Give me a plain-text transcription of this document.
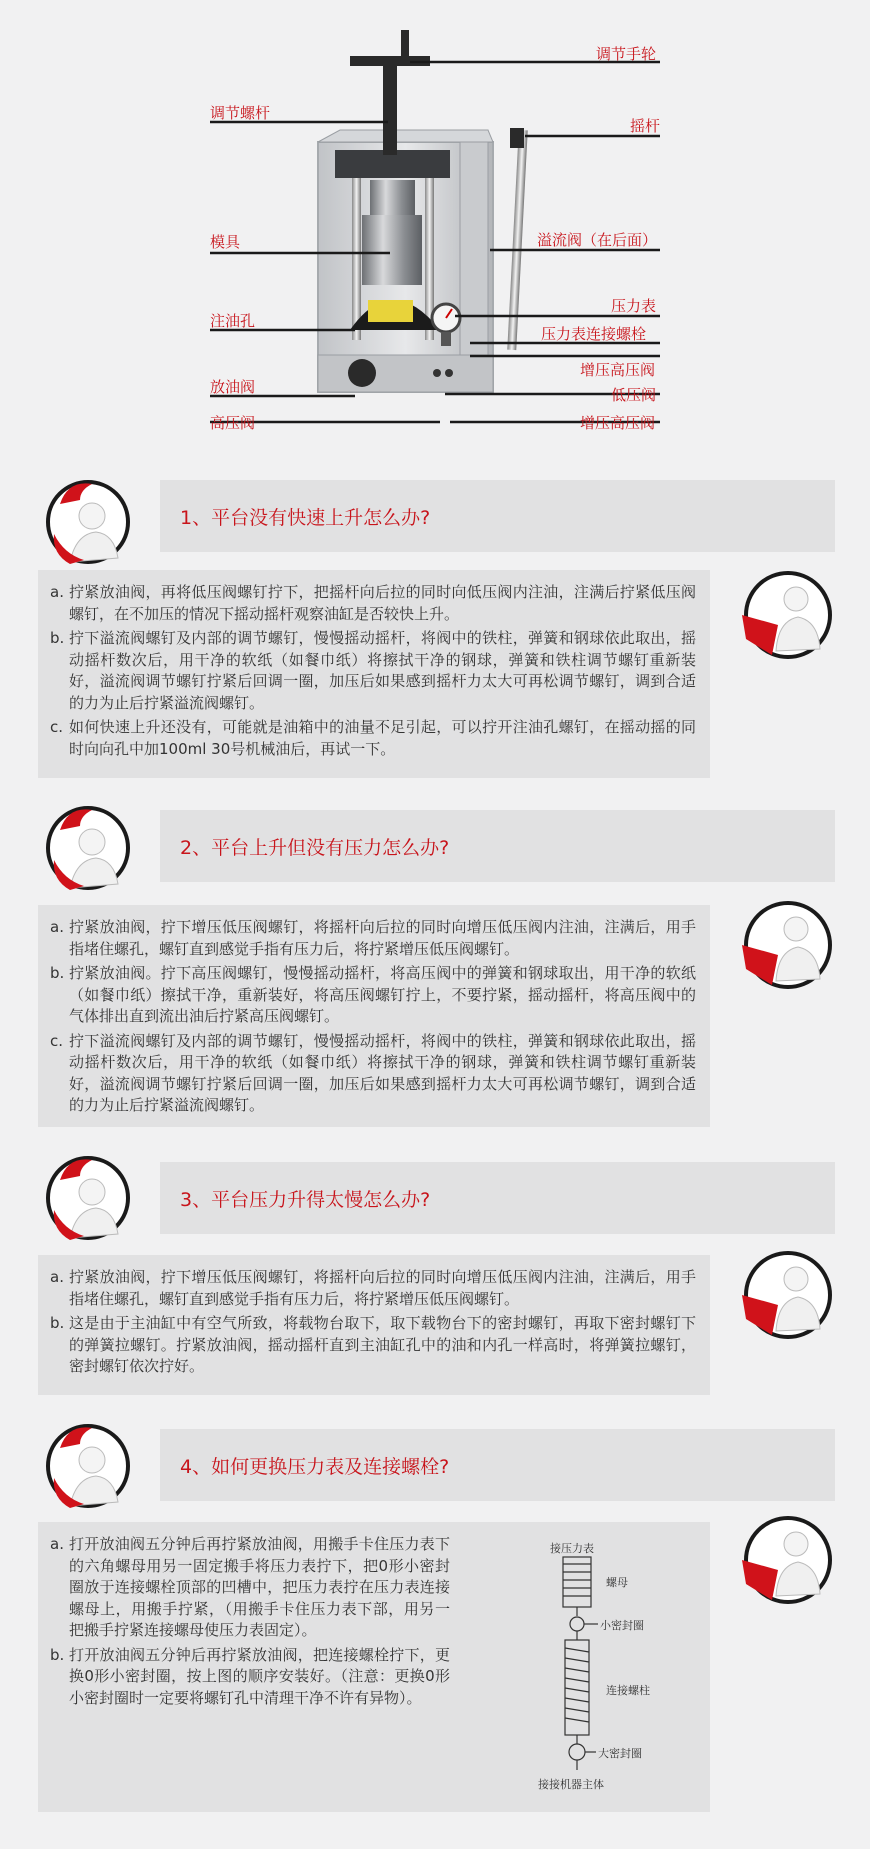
调节手轮
调节螺杆
摇杆
模具	溢流阀（在后面）
注油孔
压力表
压力表连接螺栓
增压高压阀
放油阀	低压阀
高压阀	增压高压阀
1、平台没有快速上升怎么办?
a. 拧紧放油阀，再将低压阀螺钉拧下，把摇杆向后拉的同时向低压阀内注油，注满后拧紧低压阀螺钉，在不加压的情况下摇动摇杆观察油缸是否较快上升。
b. 拧下溢流阀螺钉及内部的调节螺钉，慢慢摇动摇杆，将阀中的铁柱，弹簧和钢球依此取出，摇动摇杆数次后，用干净的软纸（如餐巾纸）将擦拭干净的钢球，弹簧和铁柱调节螺钉重新装好，溢流阀调节螺钉拧紧后回调一圈，加压后如果感到摇杆力太大可再松调节螺钉，调到合适的力为止后拧紧溢流阀螺钉。
c. 如何快速上升还没有，可能就是油箱中的油量不足引起，可以拧开注油孔螺钉，在摇动摇的同时向向孔中加100ml 30号机械油后，再试一下。
2、平台上升但没有压力怎么办?
a. 拧紧放油阀，拧下增压低压阀螺钉，将摇杆向后拉的同时向增压低压阀内注油，注满后，用手指堵住螺孔，螺钉直到感觉手指有压力后，将拧紧增压低压阀螺钉。
b. 拧紧放油阀。拧下高压阀螺钉，慢慢摇动摇杆，将高压阀中的弹簧和钢球取出，用干净的软纸（如餐巾纸）擦拭干净，重新装好，将高压阀螺钉拧上，不要拧紧，摇动摇杆，将高压阀中的气体排出直到流出油后拧紧高压阀螺钉。
c. 拧下溢流阀螺钉及内部的调节螺钉，慢慢摇动摇杆，将阀中的铁柱，弹簧和钢球依此取出，摇动摇杆数次后，用干净的软纸（如餐巾纸）将擦拭干净的钢球，弹簧和铁柱调节螺钉重新装好，溢流阀调节螺钉拧紧后回调一圈，加压后如果感到摇杆力太大可再松调节螺钉，调到合适的力为止后拧紧溢流阀螺钉。
3、平台压力升得太慢怎么办?
a. 拧紧放油阀，拧下增压低压阀螺钉，将摇杆向后拉的同时向增压低压阀内注油，注满后，用手指堵住螺孔，螺钉直到感觉手指有压力后，将拧紧增压低压阀螺钉。
b. 这是由于主油缸中有空气所致，将载物台取下，取下载物台下的密封螺钉，再取下密封螺钉下的弹簧拉螺钉。拧紧放油阀，摇动摇杆直到主油缸孔中的油和内孔一样高时，将弹簧拉螺钉，密封螺钉依次拧好。
4、如何更换压力表及连接螺栓?
a. 打开放油阀五分钟后再拧紧放油阀，用搬手卡住压力表下的六角螺母用另一固定搬手将压力表拧下，把0形小密封圈放于连接螺栓顶部的凹槽中，把压力表拧在压力表连接螺母上，用搬手拧紧，（用搬手卡住压力表下部，用另一把搬手拧紧连接螺母使压力表固定）。
b. 打开放油阀五分钟后再拧紧放油阀，把连接螺栓拧下，更换0形小密封圈，按上图的顺序安装好。（注意：更换0形小密封圈时一定要将螺钉孔中清理干净不许有异物）。
接压力表
螺母
小密封圈
连接螺柱
大密封圈
接接机器主体
